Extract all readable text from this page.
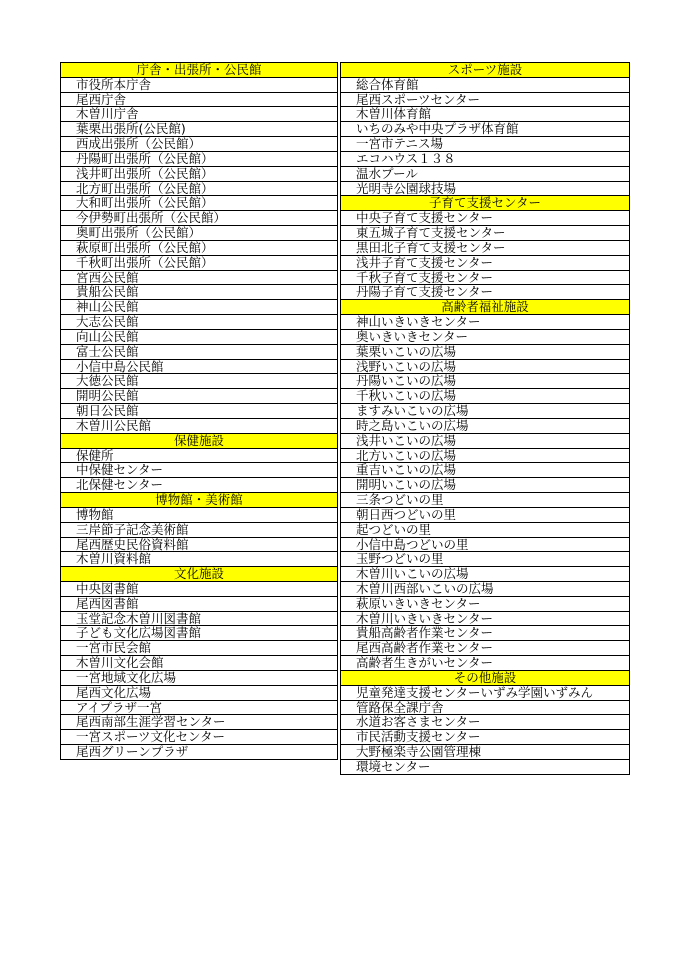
庁舎・出張所・公民館
市役所本庁舎
尾西庁舎
木曽川庁舎
葉栗出張所(公民館)
西成出張所（公民館）
丹陽町出張所（公民館）
浅井町出張所（公民館）
北方町出張所（公民館）
大和町出張所（公民館）
今伊勢町出張所（公民館）
奥町出張所（公民館）
萩原町出張所（公民館）
千秋町出張所（公民館）
宮西公民館
貴船公民館
神山公民館
大志公民館
向山公民館
富士公民館
小信中島公民館
大徳公民館
開明公民館
朝日公民館
木曽川公民館
保健施設
保健所
中保健センター
北保健センター
博物館・美術館
博物館
三岸節子記念美術館
尾西歴史民俗資料館
木曽川資料館
文化施設
中央図書館
尾西図書館
玉堂記念木曽川図書館
子ども文化広場図書館
一宮市民会館
木曽川文化会館
一宮地域文化広場
尾西文化広場
アイプラザ一宮
尾西南部生涯学習センター
一宮スポーツ文化センター
尾西グリーンプラザ
スポーツ施設
総合体育館
尾西スポーツセンター
木曽川体育館
いちのみや中央プラザ体育館
一宮市テニス場
エコハウス１３８
温水プール
光明寺公園球技場
子育て支援センター
中央子育て支援センター
東五城子育て支援センター
黒田北子育て支援センター
浅井子育て支援センター
千秋子育て支援センター
丹陽子育て支援センター
高齢者福祉施設
神山いきいきセンター
奥いきいきセンター
葉栗いこいの広場
浅野いこいの広場
丹陽いこいの広場
千秋いこいの広場
ますみいこいの広場
時之島いこいの広場
浅井いこいの広場
北方いこいの広場
重吉いこいの広場
開明いこいの広場
三条つどいの里
朝日西つどいの里
起つどいの里
小信中島つどいの里
玉野つどいの里
木曽川いこいの広場
木曽川西部いこいの広場
萩原いきいきセンター
木曽川いきいきセンター
貴船高齢者作業センター
尾西高齢者作業センター
高齢者生きがいセンター
その他施設
児童発達支援センターいずみ学園いずみん
管路保全課庁舎
水道お客さまセンター
市民活動支援センター
大野極楽寺公園管理棟
環境センター
